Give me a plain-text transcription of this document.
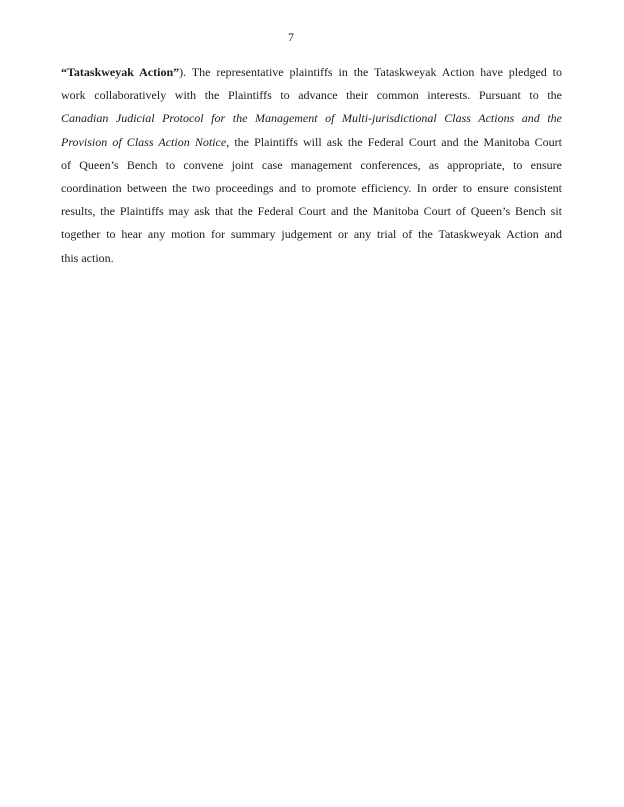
7
“Tataskweyak Action”). The representative plaintiffs in the Tataskweyak Action have pledged to
work collaboratively with the Plaintiffs to advance their common interests. Pursuant to the
Canadian Judicial Protocol for the Management of Multi-jurisdictional Class Actions and the
Provision of Class Action Notice, the Plaintiffs will ask the Federal Court and the Manitoba Court
of Queen’s Bench to convene joint case management conferences, as appropriate, to ensure
coordination between the two proceedings and to promote efficiency. In order to ensure consistent
results, the Plaintiffs may ask that the Federal Court and the Manitoba Court of Queen’s Bench sit
together to hear any motion for summary judgement or any trial of the Tataskweyak Action and
this action.
